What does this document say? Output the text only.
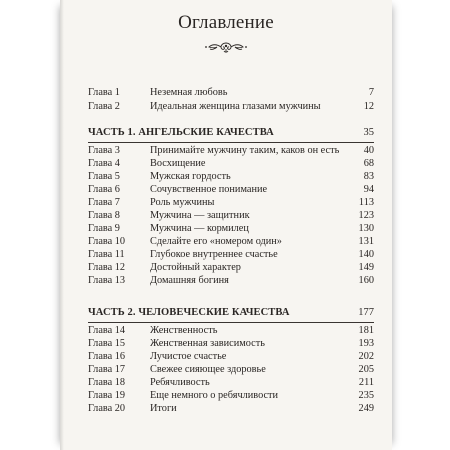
Оглавление
Глава 1	Неземная любовь	7
Глава 2	Идеальная женщина глазами мужчины	12
ЧАСТЬ 1. АНГЕЛЬСКИЕ КАЧЕСТВА	35
Глава 3	Принимайте мужчину таким, каков он есть 40
Глава 4	Восхищение	68
Глава 5	Мужская гордость	83
Глава 6	Сочувственное понимание	94
Глава 7	Роль мужчины	113
Глава 8	Мужчина — защитник	123
Глава 9	Мужчина — кормилец	130
Глава 10 Сделайте его «номером один»	131
Глава 11 Глубокое внутреннее счастье	140
Глава 12 Достойный характер	149
Глава 13 Домашняя богиня	160
ЧАСТЬ 2. ЧЕЛОВЕЧЕСКИЕ КАЧЕСТВА	177
Глава 14 Женственность	181
Глава 15 Женственная зависимость	193
Глава 16 Лучистое счастье	202
Глава 17 Свежее сияющее здоровье	205
Глава 18 Ребячливость	211
Глава 19 Еще немного о ребячливости	235
Глава 20 Итоги	249
